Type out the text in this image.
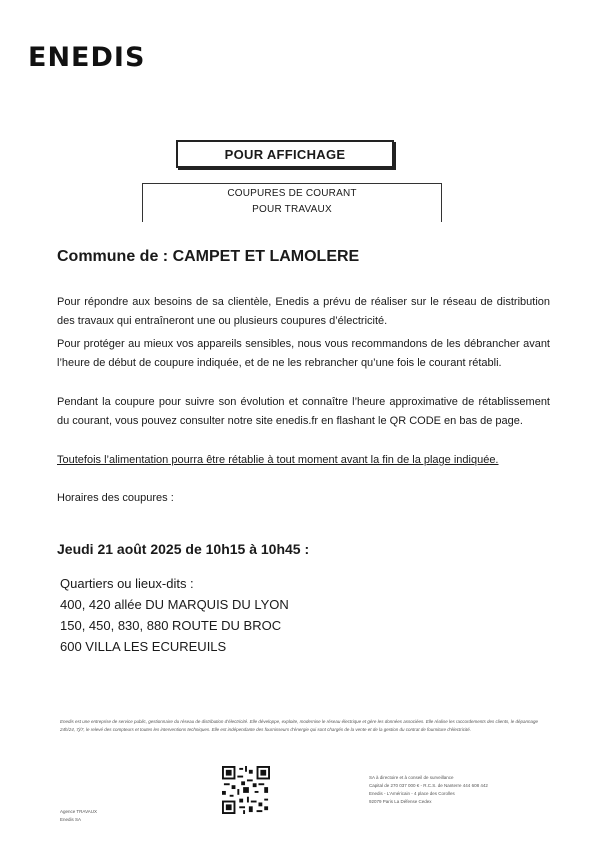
ENEDIS
POUR AFFICHAGE
COUPURES DE COURANT
POUR TRAVAUX
Commune de : CAMPET ET LAMOLERE
Pour répondre aux besoins de sa clientèle, Enedis a prévu de réaliser sur le réseau de distribution des travaux qui entraîneront une ou plusieurs coupures d’électricité.
Pour protéger au mieux vos appareils sensibles, nous vous recommandons de les débrancher avant l’heure de début de coupure indiquée, et de ne les rebrancher qu’une fois le courant rétabli.
Pendant la coupure pour suivre son évolution et connaître l’heure approximative de rétablissement du courant, vous pouvez consulter notre site enedis.fr en flashant le QR CODE en bas de page.
Toutefois l’alimentation pourra être rétablie à tout moment avant la fin de la plage indiquée.
Horaires des coupures :
Jeudi 21 août 2025 de 10h15 à 10h45 :
Quartiers ou lieux-dits :
400, 420 allée DU MARQUIS DU LYON
150, 450, 830, 880 ROUTE DU BROC
600 VILLA LES ECUREUILS
Enedis est une entreprise de service public, gestionnaire du réseau de distribution d’électricité. Elle développe, exploite, modernise le réseau électrique et gère les données associées. Elle réalise les raccordements des clients, le dépannage 24h/24, 7j/7, le relevé des compteurs et toutes les interventions techniques. Elle est indépendante des fournisseurs d’énergie qui sont chargés de la vente et de la gestion du contrat de fourniture d’électricité.
Agence TRAVAUX
Enedis SA
SA à directoire et à conseil de surveillance
Capital de 270 037 000 € - R.C.S. de Nanterre 444 608 442
Enedis - L’Américain - 4 place des Corolles
92079 Paris La Défense Cedex
